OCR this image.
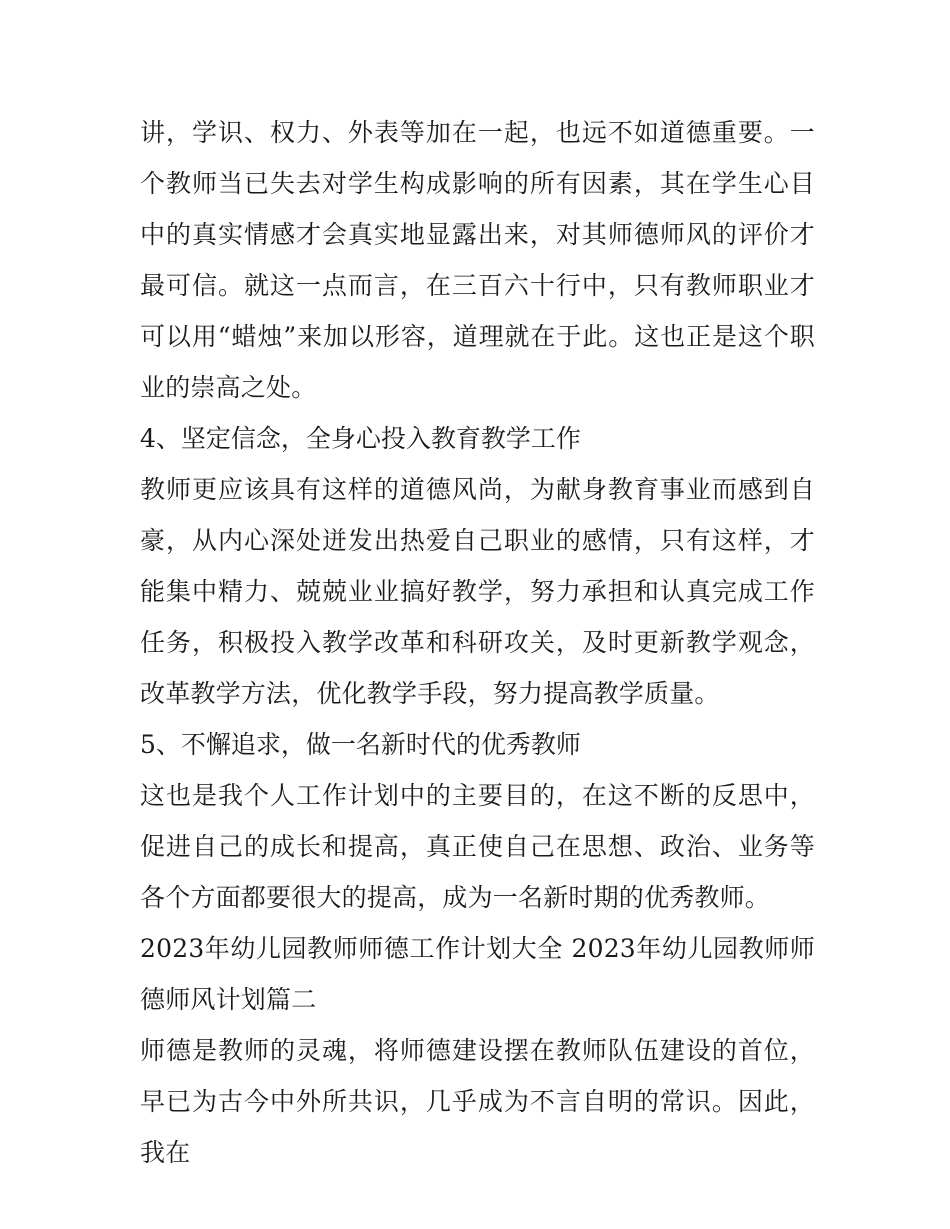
讲，学识、权力、外表等加在一起，也远不如道德重要。一个教师当已失去对学生构成影响的所有因素，其在学生心目中的真实情感才会真实地显露出来，对其师德师风的评价才最可信。就这一点而言，在三百六十行中，只有教师职业才可以用“蜡烛”来加以形容，道理就在于此。这也正是这个职业的崇高之处。

4、坚定信念，全身心投入教育教学工作

教师更应该具有这样的道德风尚，为献身教育事业而感到自豪，从内心深处迸发出热爱自己职业的感情，只有这样，才能集中精力、兢兢业业搞好教学，努力承担和认真完成工作任务，积极投入教学改革和科研攻关，及时更新教学观念，改革教学方法，优化教学手段，努力提高教学质量。

5、不懈追求，做一名新时代的优秀教师

这也是我个人工作计划中的主要目的，在这不断的反思中，促进自己的成长和提高，真正使自己在思想、政治、业务等各个方面都要很大的提高，成为一名新时期的优秀教师。

2023年幼儿园教师师德工作计划大全 2023年幼儿园教师师德师风计划篇二

师德是教师的灵魂，将师德建设摆在教师队伍建设的首位，早已为古今中外所共识，几乎成为不言自明的常识。因此，我在
